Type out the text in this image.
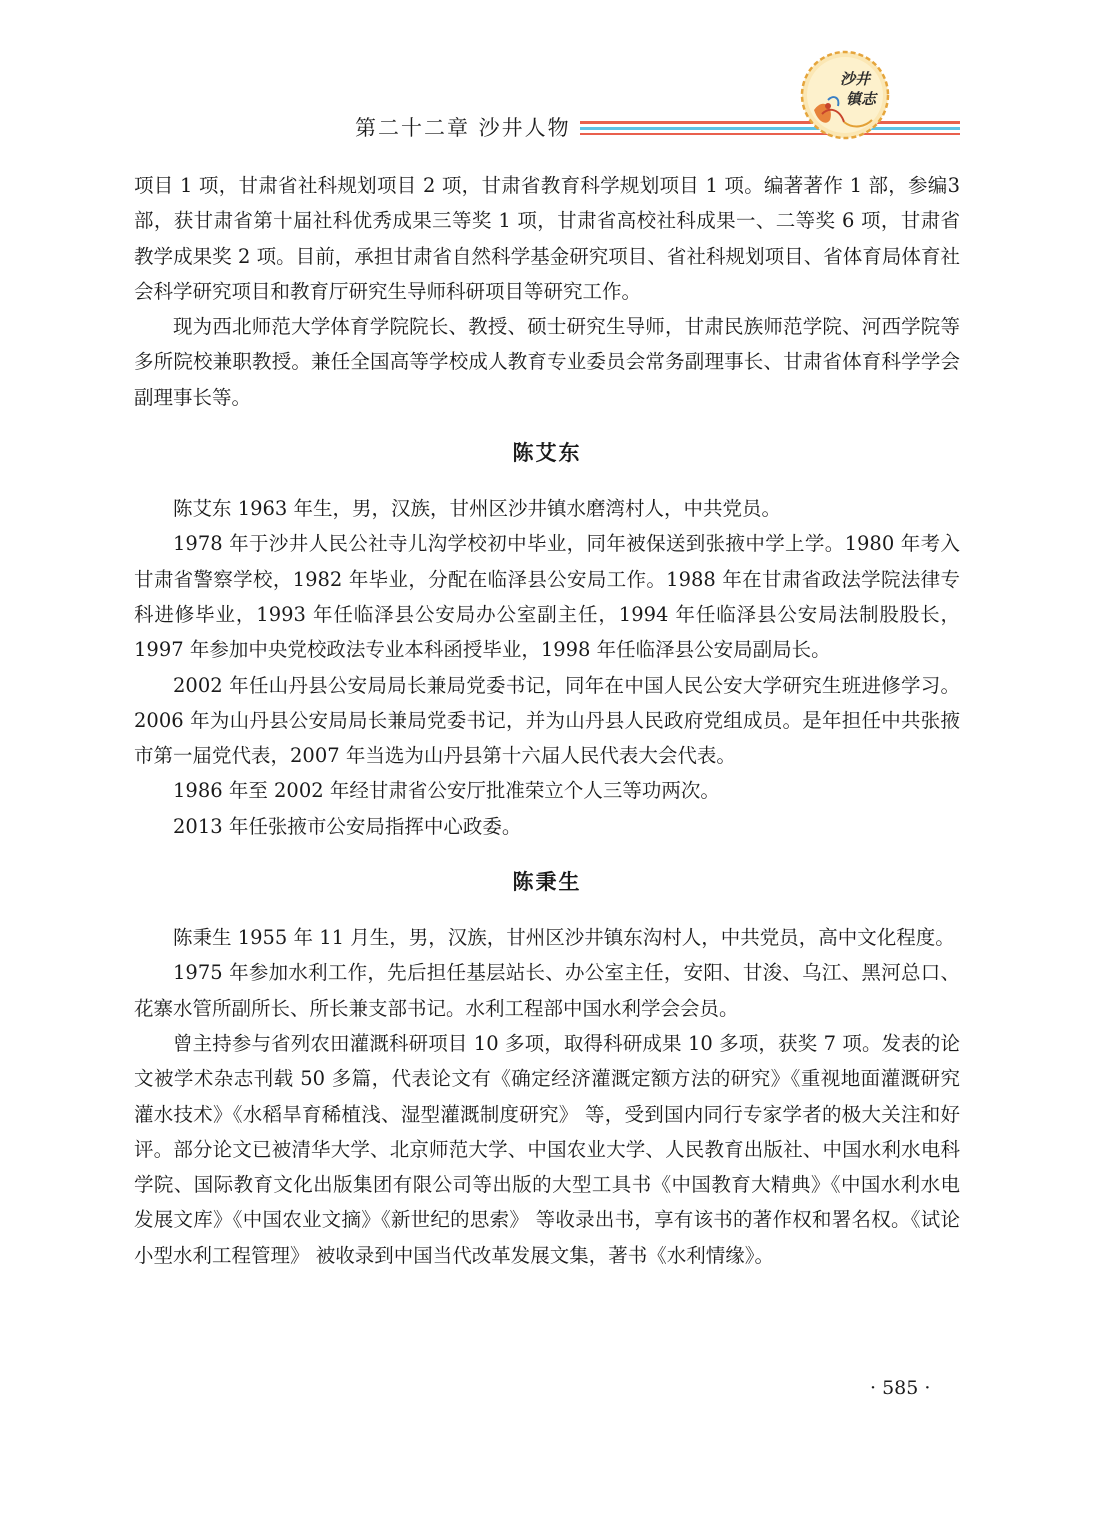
第二十二章 沙井人物
沙井
镇志

项目 1 项，甘肃省社科规划项目 2 项，甘肃省教育科学规划项目 1 项。编著著作 1 部，参编3 部，获甘肃省第十届社科优秀成果三等奖 1 项，甘肃省高校社科成果一、二等奖 6 项，甘肃省教学成果奖 2 项。目前，承担甘肃省自然科学基金研究项目、省社科规划项目、省体育局体育社会科学研究项目和教育厅研究生导师科研项目等研究工作。

现为西北师范大学体育学院院长、教授、硕士研究生导师，甘肃民族师范学院、河西学院等多所院校兼职教授。兼任全国高等学校成人教育专业委员会常务副理事长、甘肃省体育科学学会副理事长等。

陈艾东

陈艾东 1963 年生，男，汉族，甘州区沙井镇水磨湾村人，中共党员。

1978 年于沙井人民公社寺儿沟学校初中毕业，同年被保送到张掖中学上学。1980 年考入甘肃省警察学校，1982 年毕业，分配在临泽县公安局工作。1988 年在甘肃省政法学院法律专科进修毕业，1993 年任临泽县公安局办公室副主任，1994 年任临泽县公安局法制股股长，1997 年参加中央党校政法专业本科函授毕业，1998 年任临泽县公安局副局长。

2002 年任山丹县公安局局长兼局党委书记，同年在中国人民公安大学研究生班进修学习。2006 年为山丹县公安局局长兼局党委书记，并为山丹县人民政府党组成员。是年担任中共张掖市第一届党代表，2007 年当选为山丹县第十六届人民代表大会代表。

1986 年至 2002 年经甘肃省公安厅批准荣立个人三等功两次。

2013 年任张掖市公安局指挥中心政委。

陈秉生

陈秉生 1955 年 11 月生，男，汉族，甘州区沙井镇东沟村人，中共党员，高中文化程度。

1975 年参加水利工作，先后担任基层站长、办公室主任，安阳、甘浚、乌江、黑河总口、花寨水管所副所长、所长兼支部书记。水利工程部中国水利学会会员。

曾主持参与省列农田灌溉科研项目 10 多项，取得科研成果 10 多项，获奖 7 项。发表的论文被学术杂志刊载 50 多篇，代表论文有《确定经济灌溉定额方法的研究》《重视地面灌溉研究灌水技术》《水稻旱育稀植浅、湿型灌溉制度研究》 等，受到国内同行专家学者的极大关注和好评。部分论文已被清华大学、北京师范大学、中国农业大学、人民教育出版社、中国水利水电科学院、国际教育文化出版集团有限公司等出版的大型工具书《中国教育大精典》《中国水利水电发展文库》《中国农业文摘》《新世纪的思索》 等收录出书，享有该书的著作权和署名权。《试论小型水利工程管理》 被收录到中国当代改革发展文集，著书《水利情缘》。

· 585 ·
